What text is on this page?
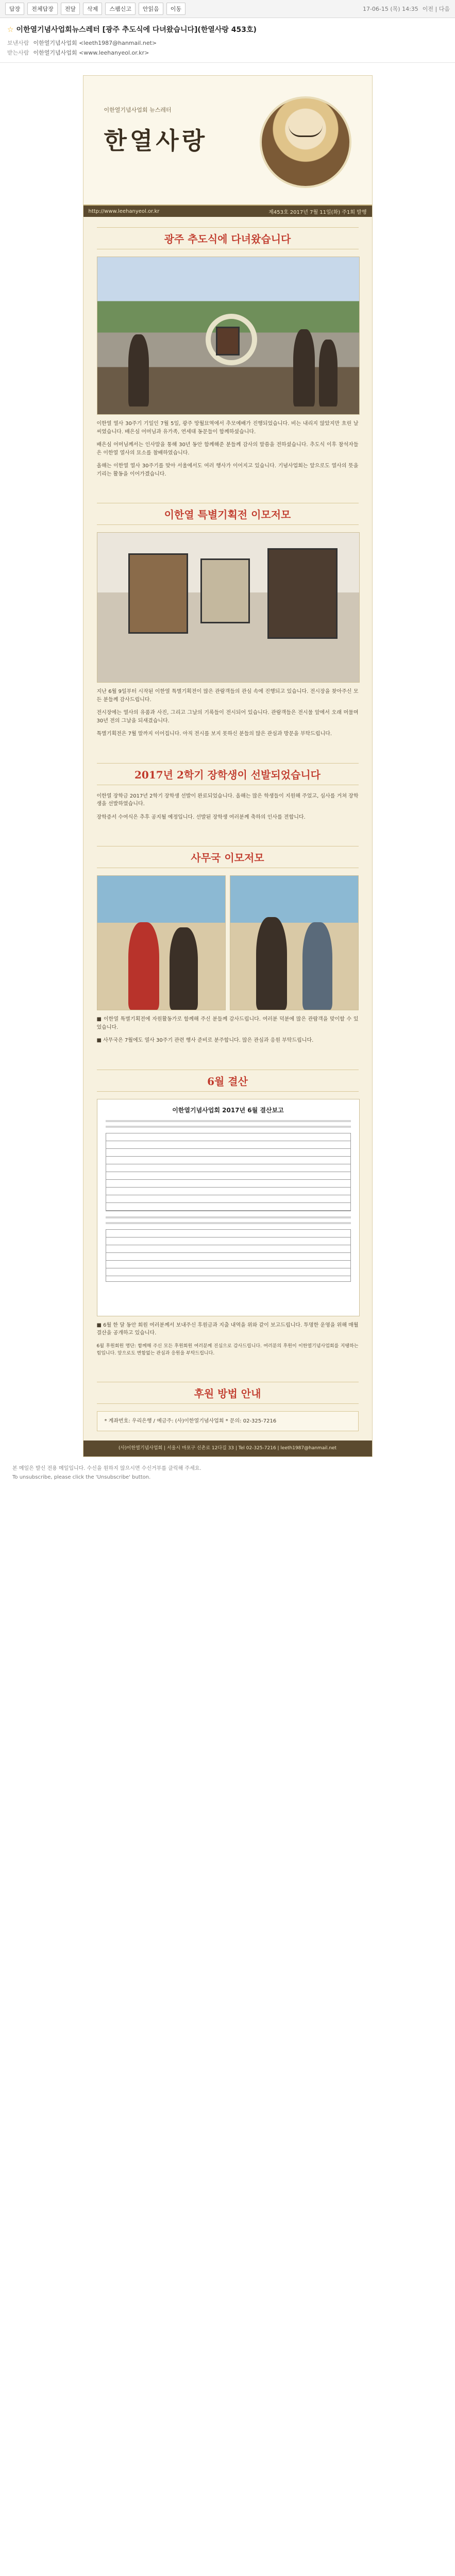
답장	전체답장	전달	삭제	스팸신고	안읽음	이동	17-06-15 (목) 14:35 이전 | 다음
☆ 이한열기념사업회뉴스레터 [광주 추도식에 다녀왔습니다](한열사랑 453호)
보낸사람 이한열기념사업회 <leeth1987@hanmail.net>
받는사람 이한열기념사업회 <www.leehanyeol.or.kr>
이한열기념사업회 뉴스레터
한열사랑
http://www.leehanyeol.or.kr	제453호 2017년 7월 11일(화) 주1회 발행
광주 추도식에 다녀왔습니다

이한열 열사 30주기 기일인 7월 5일, 광주 망월묘역에서 추모예배가 진행되었습니다. 비는 내리지 않았지만 흐린 날씨였습니다. 배은심 어머님과 유가족, 연세대 동문들이 함께하셨습니다.

배은심 어머님께서는 인사말을 통해 30년 동안 함께해준 분들께 감사의 말씀을 전하셨습니다. 추도식 이후 참석자들은 이한열 열사의 묘소를 참배하였습니다.

올해는 이한열 열사 30주기를 맞아 서울에서도 여러 행사가 이어지고 있습니다. 기념사업회는 앞으로도 열사의 뜻을 기리는 활동을 이어가겠습니다.

이한열 특별기획전 이모저모

지난 6월 9일부터 시작된 이한열 특별기획전이 많은 관람객들의 관심 속에 진행되고 있습니다. 전시장을 찾아주신 모든 분들께 감사드립니다.

전시장에는 열사의 유품과 사진, 그리고 그날의 기록들이 전시되어 있습니다. 관람객들은 전시물 앞에서 오래 머물며 30년 전의 그날을 되새겼습니다.

특별기획전은 7월 말까지 이어집니다. 아직 전시를 보지 못하신 분들의 많은 관심과 방문을 부탁드립니다.

2017년 2학기 장학생이 선발되었습니다

이한열 장학금 2017년 2학기 장학생 선발이 완료되었습니다. 올해는 많은 학생들이 지원해 주었고, 심사를 거쳐 장학생을 선발하였습니다.

장학증서 수여식은 추후 공지될 예정입니다. 선발된 장학생 여러분께 축하의 인사를 전합니다.

사무국 이모저모

■ 이한열 특별기획전에 자원활동가로 함께해 주신 분들께 감사드립니다. 여러분 덕분에 많은 관람객을 맞이할 수 있었습니다.

■ 사무국은 7월에도 열사 30주기 관련 행사 준비로 분주합니다. 많은 관심과 응원 부탁드립니다.

6월 결산
이한열기념사업회 2017년 6월 결산보고

■ 6월 한 달 동안 회원 여러분께서 보내주신 후원금과 지출 내역을 위와 같이 보고드립니다. 투명한 운영을 위해 매월 결산을 공개하고 있습니다.

6월 후원회원 명단: 함께해 주신 모든 후원회원 여러분께 진심으로 감사드립니다. 여러분의 후원이 이한열기념사업회를 지탱하는 힘입니다. 앞으로도 변함없는 관심과 응원을 부탁드립니다.

후원 방법 안내
* 계좌번호: 우리은행 / 예금주: (사)이한열기념사업회 * 문의: 02-325-7216
(사)이한열기념사업회 | 서울시 마포구 신촌로 12다길 33 | Tel 02-325-7216 | leeth1987@hanmail.net
본 메일은 발신 전용 메일입니다. 수신을 원하지 않으시면 수신거부를 클릭해 주세요.
To unsubscribe, please click the 'Unsubscribe' button.
